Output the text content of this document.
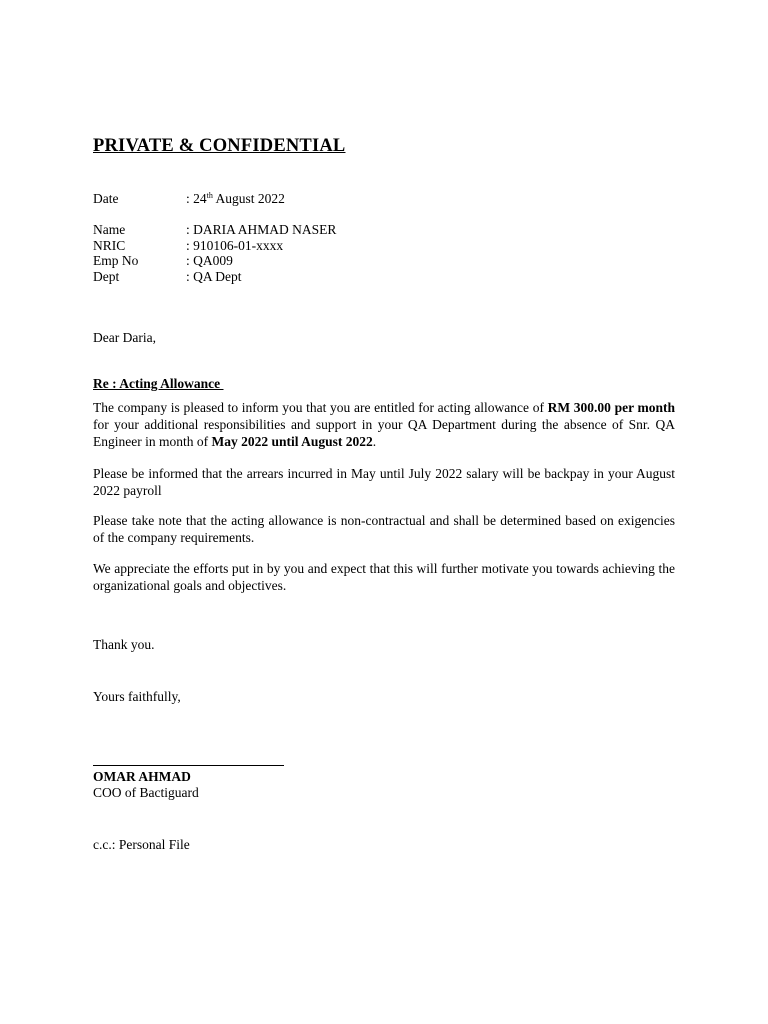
PRIVATE & CONFIDENTIAL
Date	: 24th August 2022
Name	: DARIA AHMAD NASER
NRIC	: 910106-01-xxxx
Emp No	: QA009
Dept	: QA Dept
Dear Daria,
Re : Acting Allowance

The company is pleased to inform you that you are entitled for acting allowance of RM 300.00 per month for your additional responsibilities and support in your QA Department during the absence of Snr. QA Engineer in month of May 2022 until August 2022.

Please be informed that the arrears incurred in May until July 2022 salary will be backpay in your August 2022 payroll

Please take note that the acting allowance is non-contractual and shall be determined based on exigencies of the company requirements.

We appreciate the efforts put in by you and expect that this will further motivate you towards achieving the organizational goals and objectives.

Thank you.
Yours faithfully,
OMAR AHMAD
COO of Bactiguard
c.c.: Personal File
